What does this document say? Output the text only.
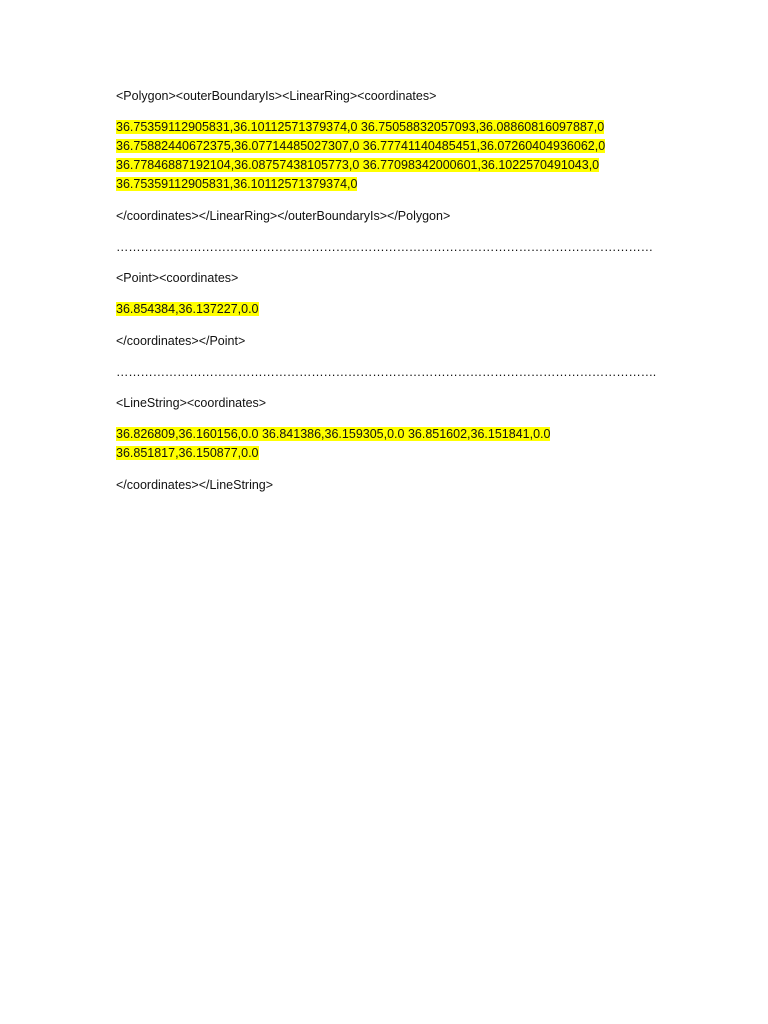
<Polygon><outerBoundaryIs><LinearRing><coordinates>

36.75359112905831,36.10112571379374,0 36.75058832057093,36.08860816097887,0
36.75882440672375,36.07714485027307,0 36.77741140485451,36.07260404936062,0
36.77846887192104,36.08757438105773,0 36.77098342000601,36.1022570491043,0
36.75359112905831,36.10112571379374,0

</coordinates></LinearRing></outerBoundaryIs></Polygon>

……………………………………………………………………………………………………………………

<Point><coordinates>

36.854384,36.137227,0.0

</coordinates></Point>

…………………………………………………………………………………………………………………….

<LineString><coordinates>

36.826809,36.160156,0.0 36.841386,36.159305,0.0 36.851602,36.151841,0.0
36.851817,36.150877,0.0

</coordinates></LineString>
